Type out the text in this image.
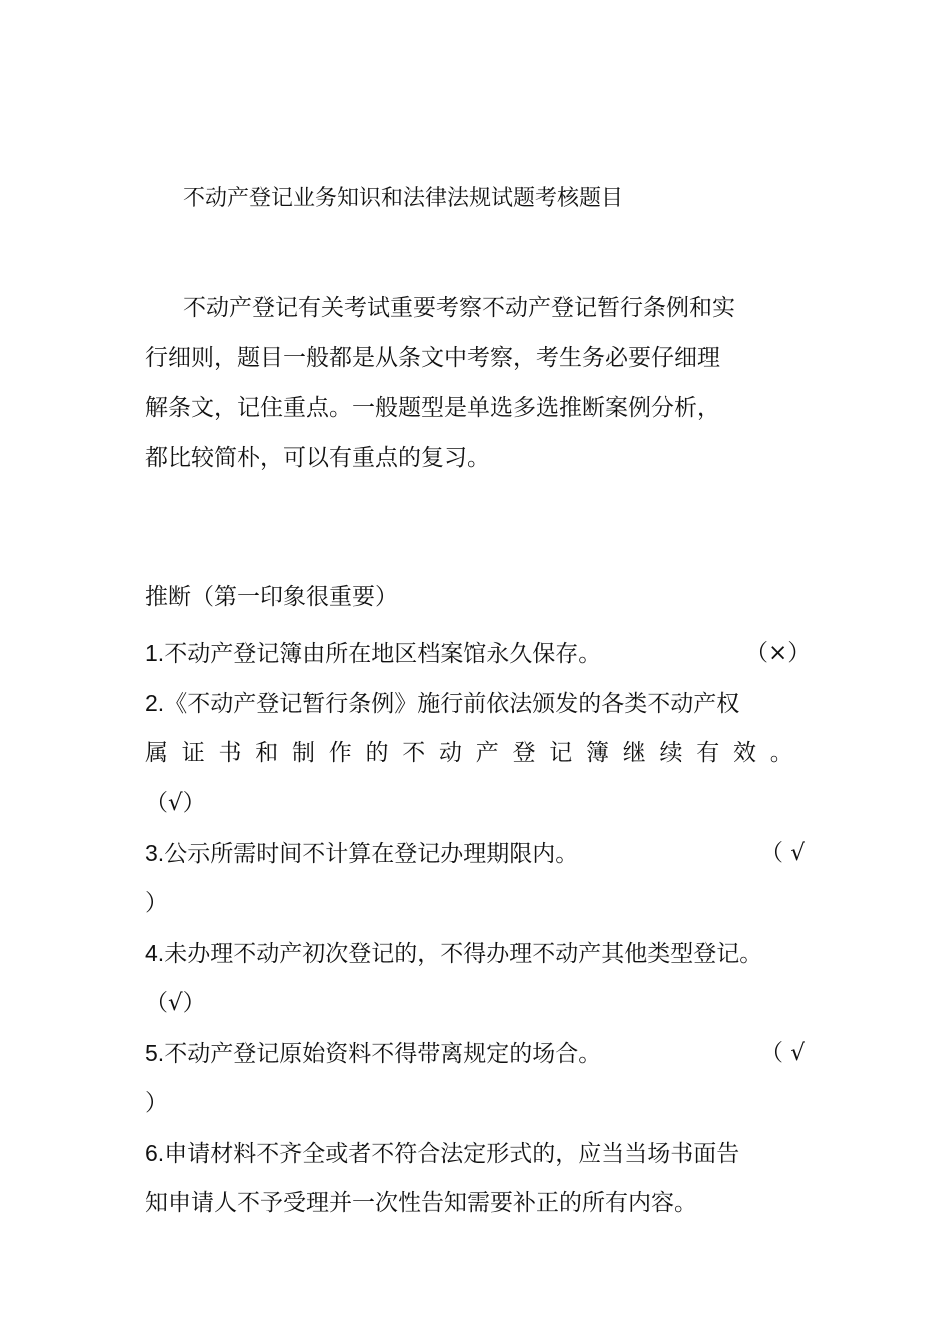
不动产登记业务知识和法律法规试题考核题目
不动产登记有关考试重要考察不动产登记暂行条例和实
行细则，题目一般都是从条文中考察，考生务必要仔细理
解条文，记住重点。一般题型是单选多选推断案例分析，
都比较简朴，可以有重点的复习。
推断（第一印象很重要）
1.不动产登记簿由所在地区档案馆永久保存。	（×）
2.《不动产登记暂行条例》施行前依法颁发的各类不动产权
属 证 书 和 制 作 的 不 动 产 登 记 簿 继 续 有 效 。
（√）
3.公示所需时间不计算在登记办理期限内。	（ √
）
4.未办理不动产初次登记的，不得办理不动产其他类型登记。
（√）
5.不动产登记原始资料不得带离规定的场合。	（ √
）
6.申请材料不齐全或者不符合法定形式的，应当当场书面告
知申请人不予受理并一次性告知需要补正的所有内容。
